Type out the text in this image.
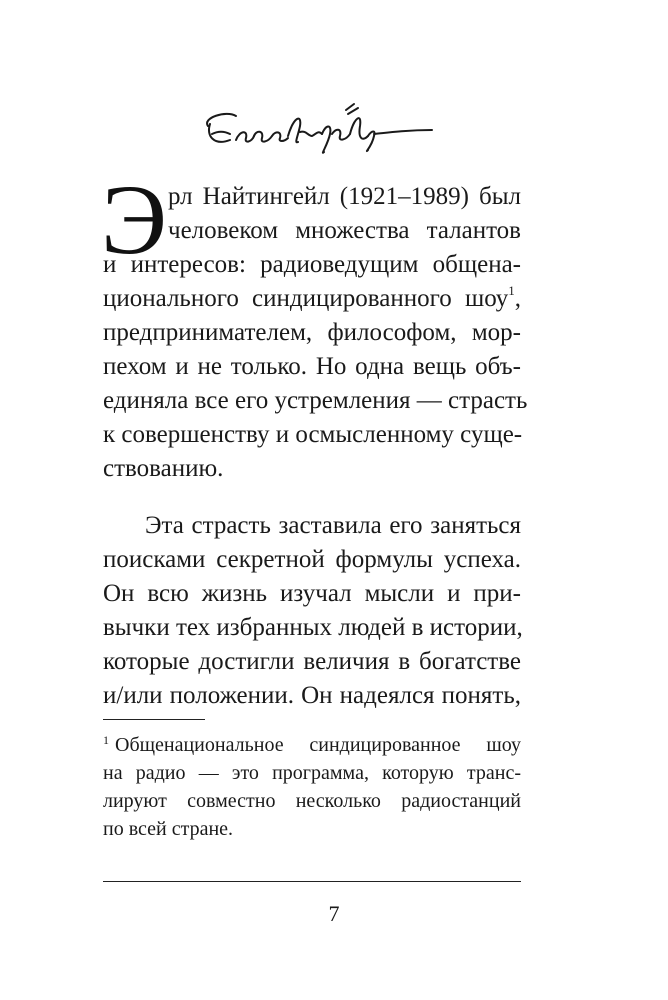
Э рл Найтингейл (1921–1989) был
человеком множества талантов
и интересов: радиоведущим общена-
ционального синдицированного шоу$^1$,
предпринимателем, философом, мор-
пехом и не только. Но одна вещь объ-
единяла все его устремления — страсть
к совершенству и осмысленному суще-
ствованию.
Эта страсть заставила его заняться
поисками секретной формулы успеха.
Он всю жизнь изучал мысли и при-
вычки тех избранных людей в истории,
которые достигли величия в богатстве
и/или положении. Он надеялся понять,
$^1$ Общенациональное синдицированное шоу
на радио — это программа, которую транс-
лируют совместно несколько радиостанций
по всей стране.
7
